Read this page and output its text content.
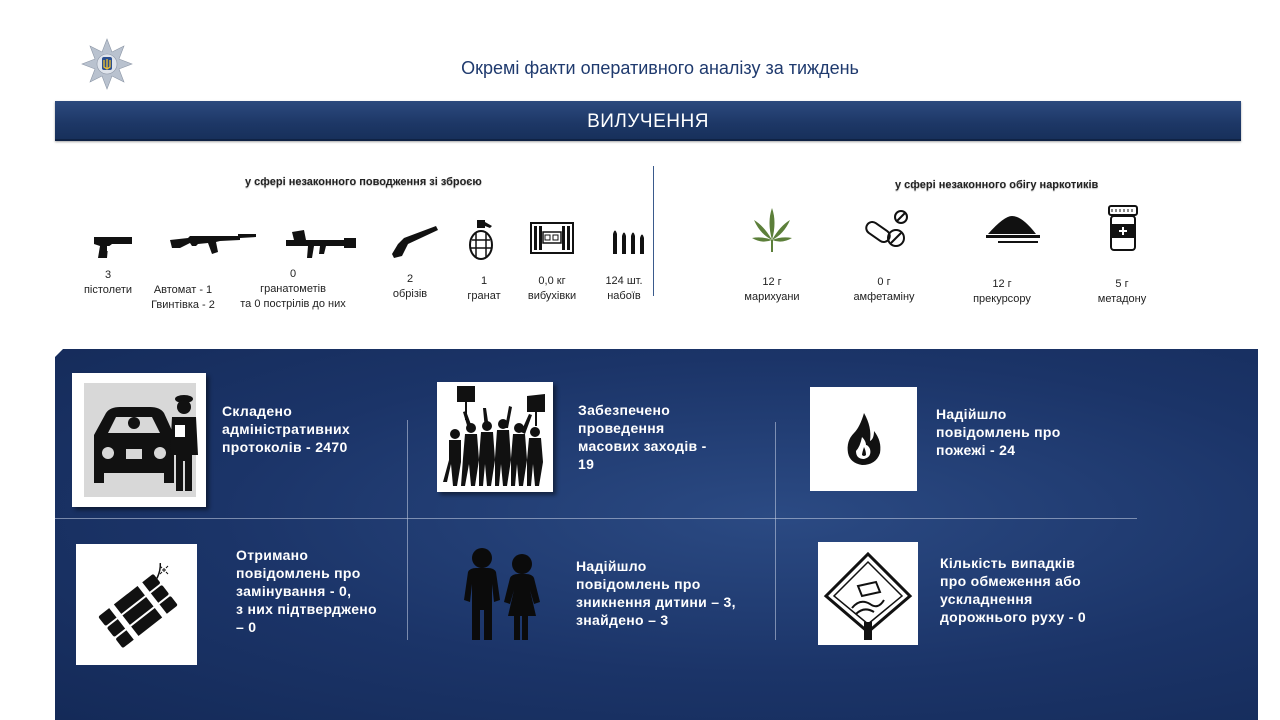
Окремі факти оперативного аналізу за тиждень
ВИЛУЧЕННЯ
у сфері незаконного поводження зі зброєю
3
пістолети	Автомат - 1
Гвинтівка - 2
0
гранатометів
та 0 пострілів до них
2
обрізів
1
гранат
0,0 кг
вибухівки
124 шт.
набоїв
у сфері незаконного обігу наркотиків
12 г
марихуани
0 г
амфетаміну
12 г
прекурсору
5 г
метадону
Складено
адміністративних
протоколів - 2470
Забезпечено
проведення
масових заходів -
19
Надійшло
повідомлень про
пожежі - 24
Отримано
повідомлень про
замінування - 0,
з них підтверджено
– 0
Надійшло
повідомлень про
зникнення дитини – 3,
знайдено – 3
Кількість випадків
про обмеження або
ускладнення
дорожнього руху - 0
